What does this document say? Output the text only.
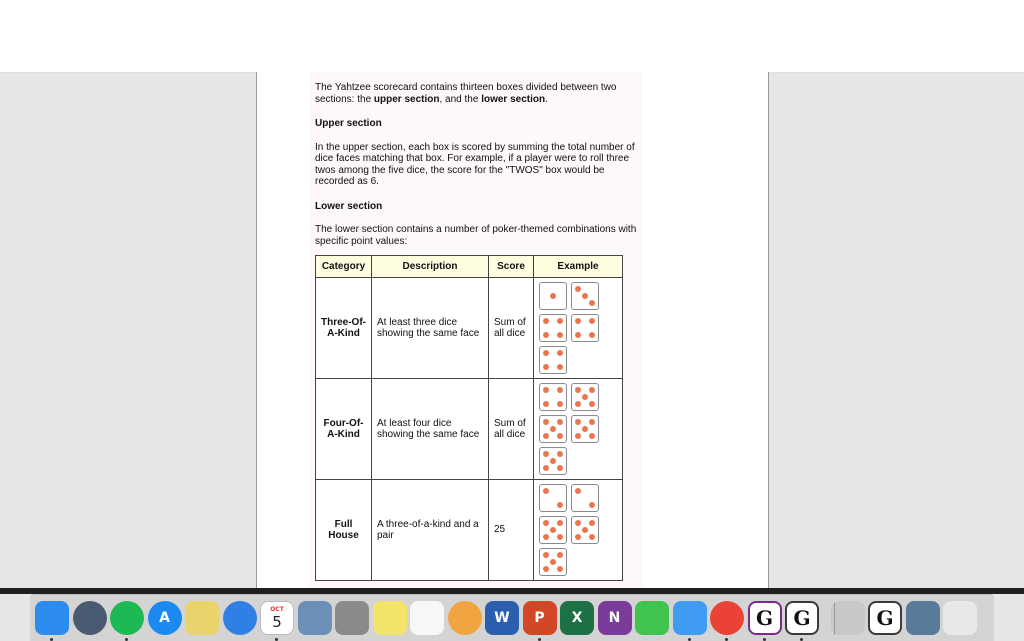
The Yahtzee scorecard contains thirteen boxes divided between two sections: the upper section, and the lower section.

Upper section

In the upper section, each box is scored by summing the total number of dice faces matching that box. For example, if a player were to roll three twos among the five dice, the score for the "TWOS" box would be recorded as 6.

Lower section

The lower section contains a number of poker-themed combinations with specific point values:

Category	Description	Score	Example
Three-Of-A-Kind	At least three dice showing the same face	Sum of all dice	

Four-Of-A-Kind	At least four dice showing the same face	Sum of all dice	

Full House	A three-of-a-kind and a pair	25	
A
OCT
5	W	P	X	N	G	G	G
